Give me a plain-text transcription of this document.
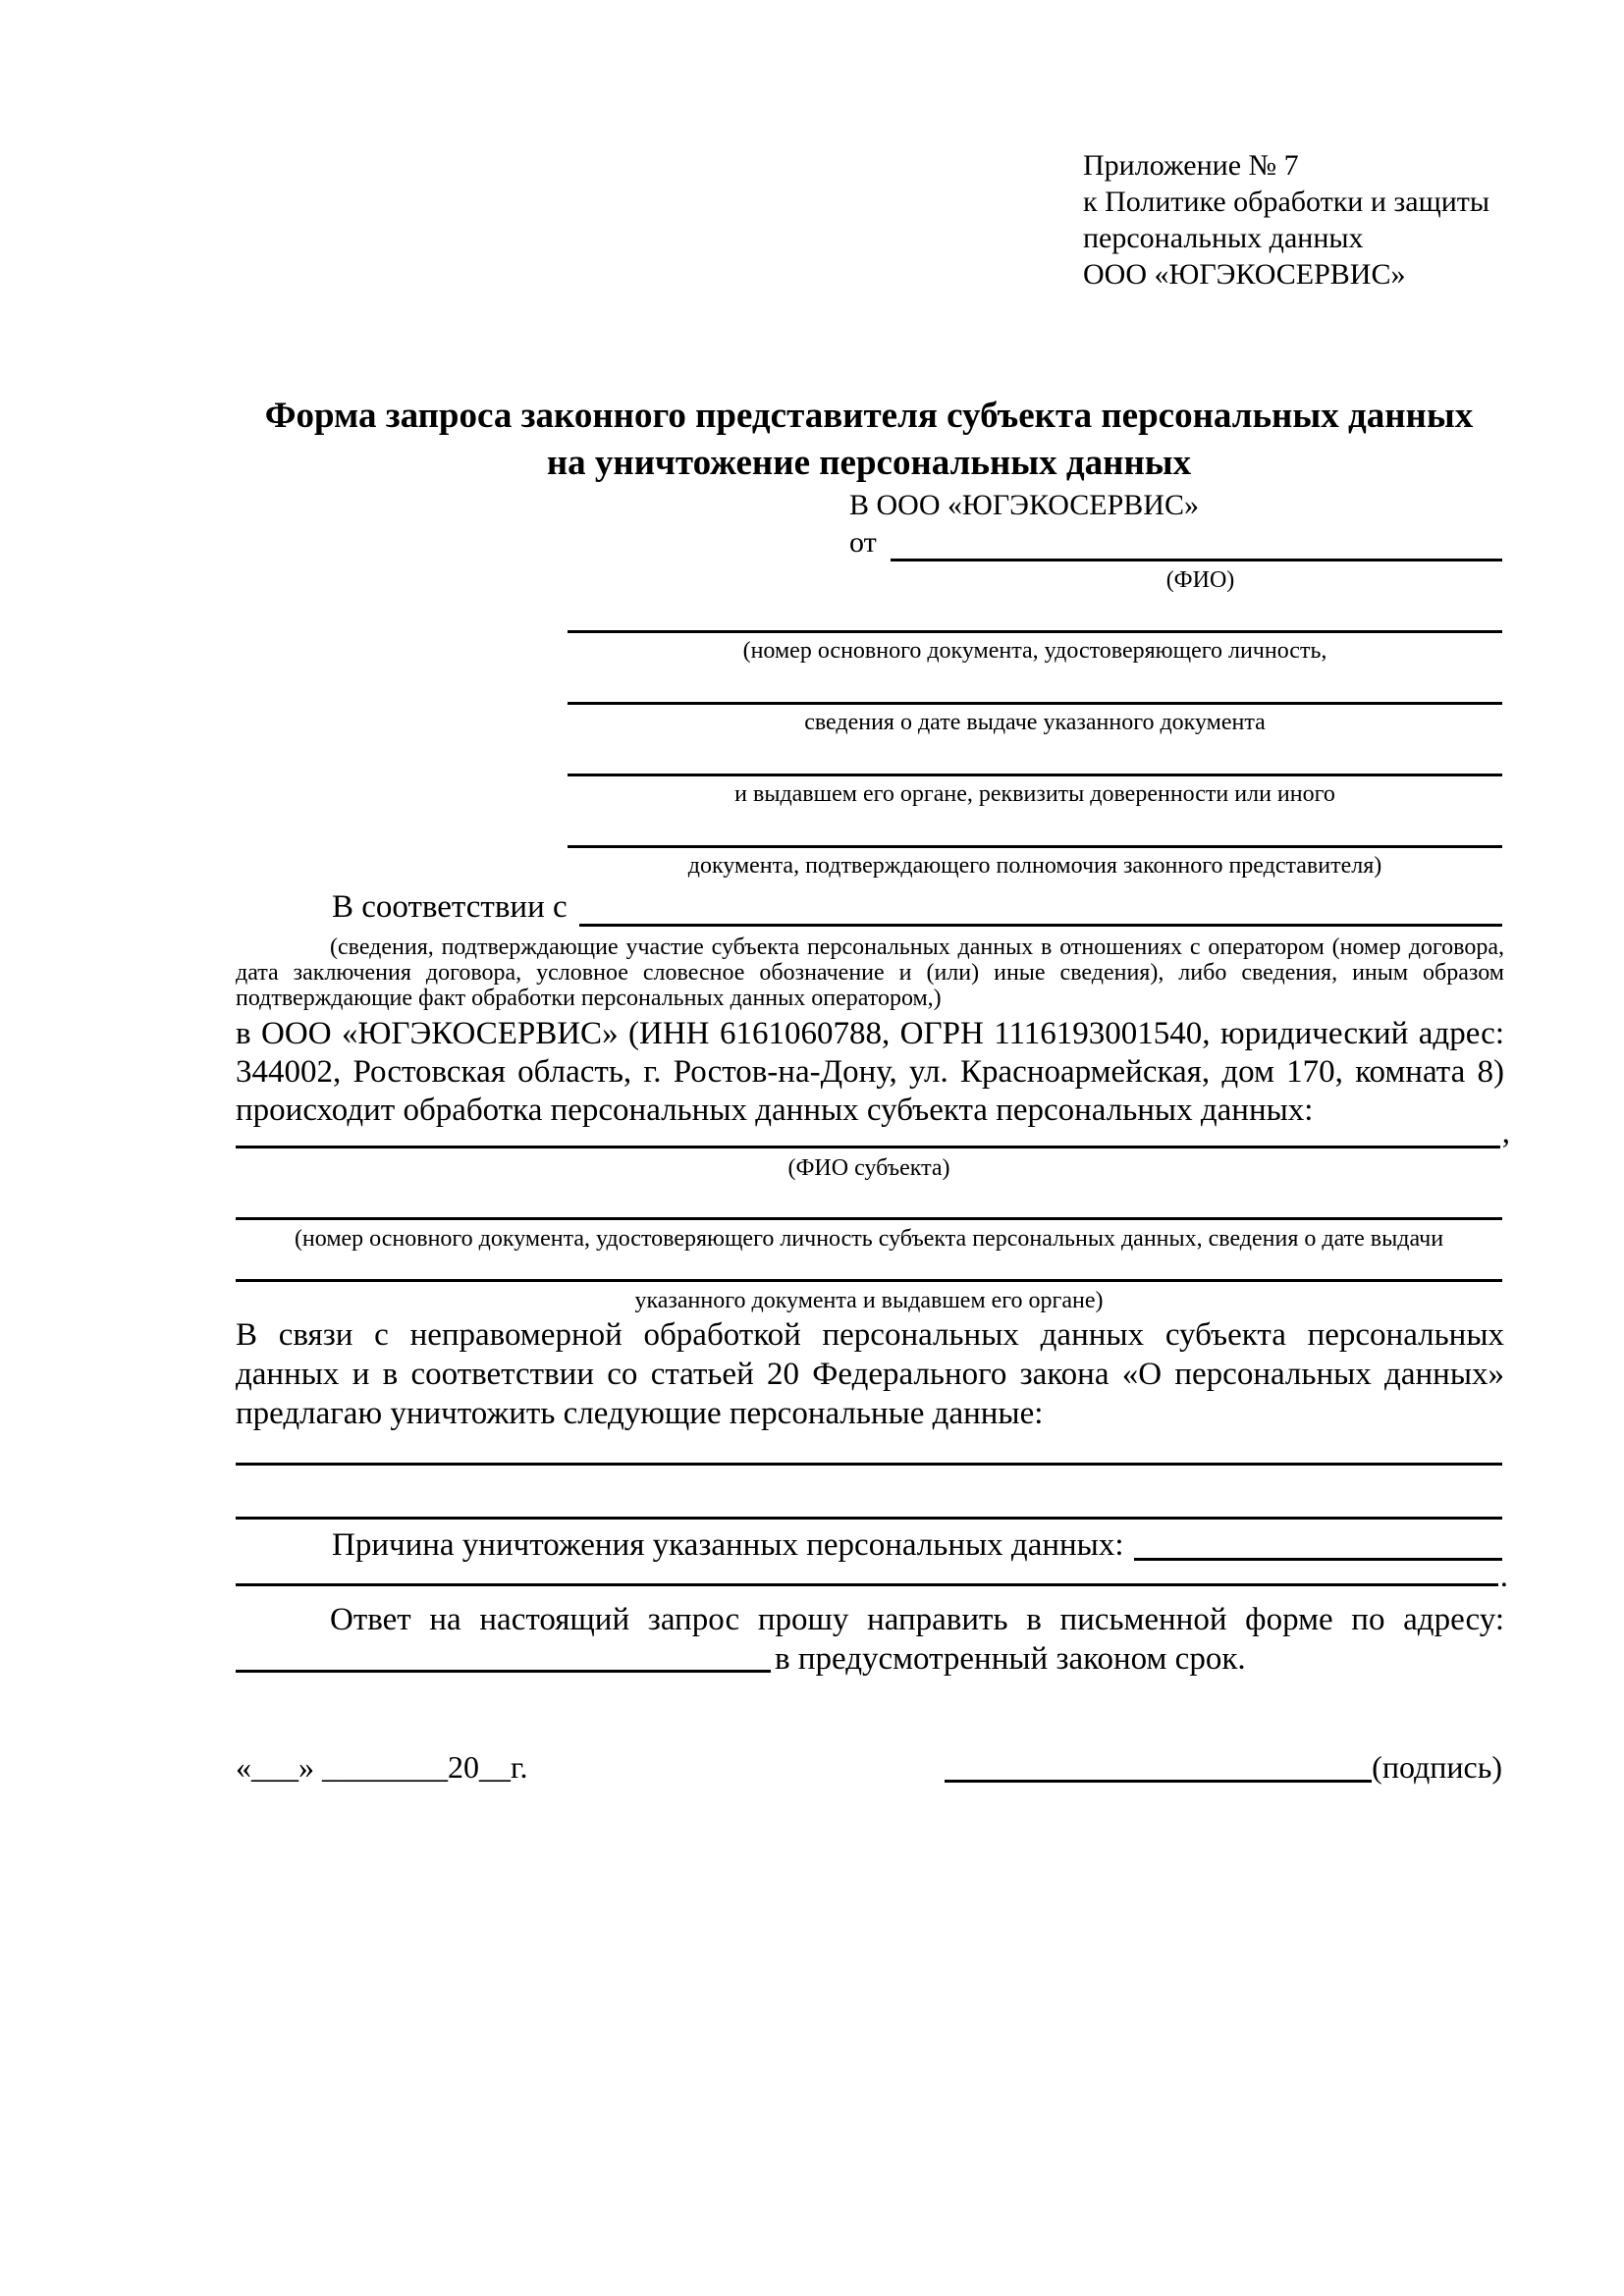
Приложение № 7
к Политике обработки и защиты
персональных данных
ООО «ЮГЭКОСЕРВИС»
Форма запроса законного представителя субъекта персональных данных
на уничтожение персональных данных
В ООО «ЮГЭКОСЕРВИС»
от
(ФИО)
(номер основного документа, удостоверяющего личность,
сведения о дате выдаче указанного документа
и выдавшем его органе, реквизиты доверенности или иного
документа, подтверждающего полномочия законного представителя)
В соответствии с
(сведения, подтверждающие участие субъекта персональных данных в отношениях с оператором (номер договора, дата заключения договора, условное словесное обозначение и (или) иные сведения), либо сведения, иным образом подтверждающие факт обработки персональных данных оператором,)
в ООО «ЮГЭКОСЕРВИС» (ИНН 6161060788, ОГРН 1116193001540, юридический адрес: 344002, Ростовская область, г. Ростов-на-Дону, ул. Красноармейская, дом 170, комната 8) происходит обработка персональных данных субъекта персональных данных:
,
(ФИО субъекта)
(номер основного документа, удостоверяющего личность субъекта персональных данных, сведения о дате выдачи
указанного документа и выдавшем его органе)
В связи с неправомерной обработкой персональных данных субъекта персональных данных и в соответствии со статьей 20 Федерального закона «О персональных данных» предлагаю уничтожить следующие персональные данные:
Причина уничтожения указанных персональных данных:
.
Ответ на настоящий запрос прошу направить в письменной форме по адресу:
в предусмотренный законом срок.
«___» ________20__г.	(подпись)
